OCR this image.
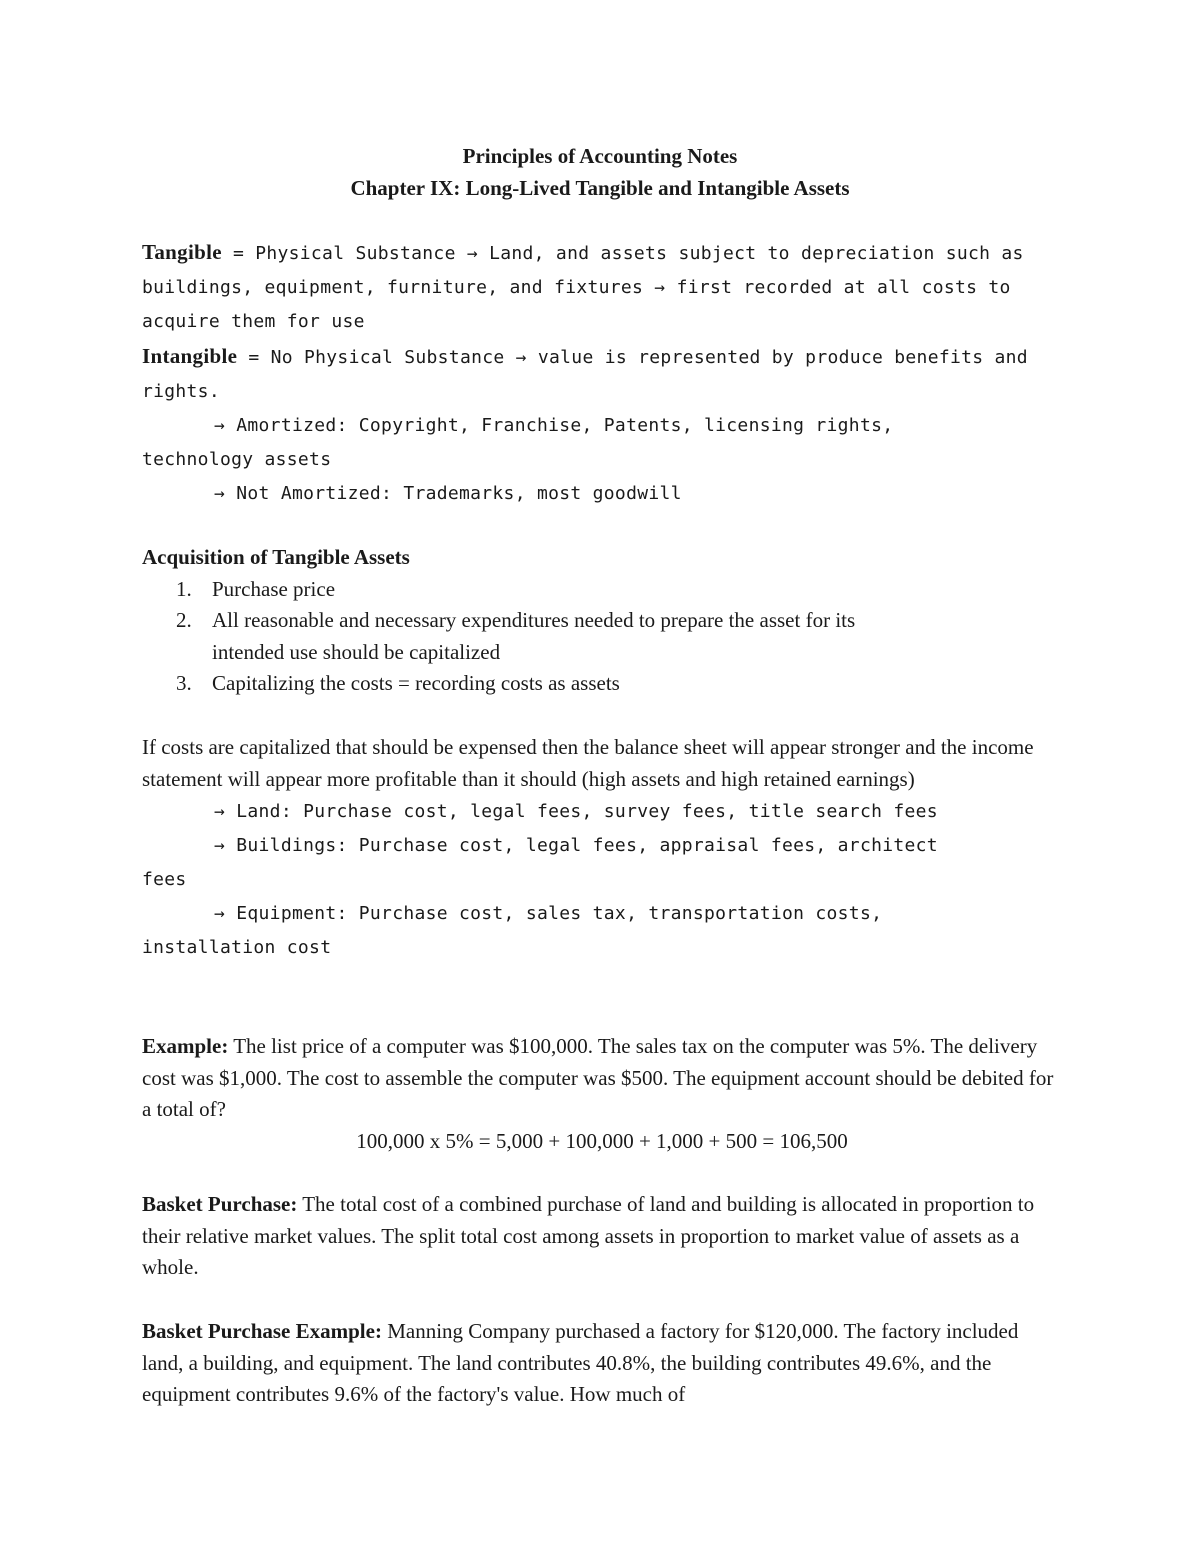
Principles of Accounting Notes
Chapter IX: Long-Lived Tangible and Intangible Assets

Tangible = Physical Substance → Land, and assets subject to depreciation such as buildings, equipment, furniture, and fixtures → first recorded at all costs to acquire them for use

Intangible = No Physical Substance → value is represented by produce benefits and rights.

→ Amortized: Copyright, Franchise, Patents, licensing rights,

technology assets

→ Not Amortized: Trademarks, most goodwill

Acquisition of Tangible Assets

1. Purchase price
2. All reasonable and necessary expenditures needed to prepare the asset for its
intended use should be capitalized
3. Capitalizing the costs = recording costs as assets

If costs are capitalized that should be expensed then the balance sheet will appear stronger and the income statement will appear more profitable than it should (high assets and high retained earnings)

→ Land: Purchase cost, legal fees, survey fees, title search fees

→ Buildings: Purchase cost, legal fees, appraisal fees, architect

fees

→ Equipment: Purchase cost, sales tax, transportation costs,

installation cost

Example: The list price of a computer was $100,000. The sales tax on the computer was 5%. The delivery cost was $1,000. The cost to assemble the computer was $500. The equipment account should be debited for a total of?

100,000 x 5% = 5,000 + 100,000 + 1,000 + 500 = 106,500

Basket Purchase: The total cost of a combined purchase of land and building is allocated in proportion to their relative market values. The split total cost among assets in proportion to market value of assets as a whole.

Basket Purchase Example: Manning Company purchased a factory for $120,000. The factory included land, a building, and equipment. The land contributes 40.8%, the building contributes 49.6%, and the equipment contributes 9.6% of the factory's value. How much of
